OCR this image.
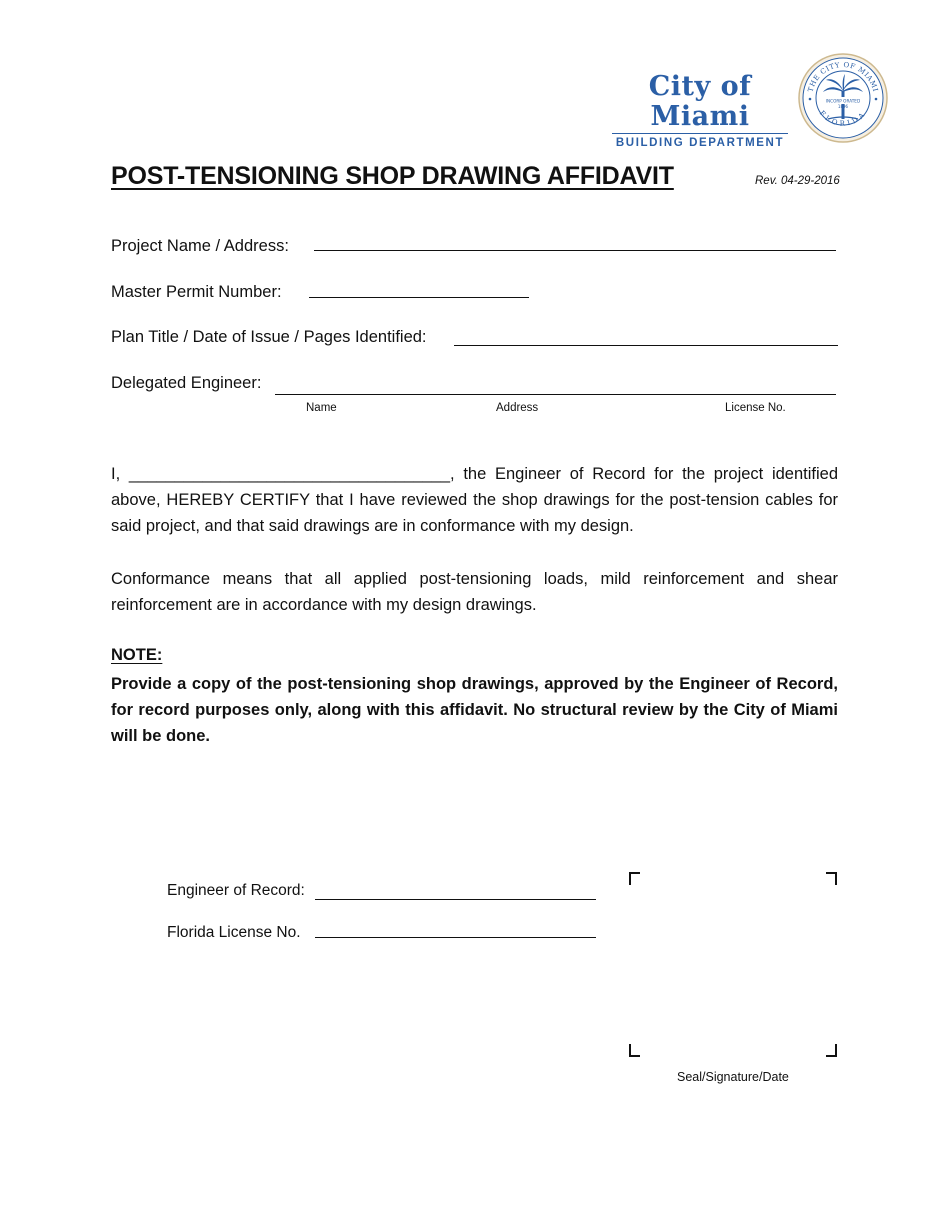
City of Miami
BUILDING DEPARTMENT
THE CITY OF MIAMI
FLORIDA
INCORP ORATED
1896
POST-TENSIONING SHOP DRAWING AFFIDAVIT	Rev. 04-29-2016
Project Name / Address:
Master Permit Number:
Plan Title / Date of Issue / Pages Identified:
Delegated Engineer:
Name	Address	License No.
I, ___________________________________, the Engineer of Record for the project identified above, HEREBY CERTIFY that I have reviewed the shop drawings for the post-tension cables for said project, and that said drawings are in conformance with my design.
Conformance means that all applied post-tensioning loads, mild reinforcement and shear reinforcement are in accordance with my design drawings.
NOTE:
Provide a copy of the post-tensioning shop drawings, approved by the Engineer of Record, for record purposes only, along with this affidavit. No structural review by the City of Miami will be done.
Engineer of Record:
Florida License No.
Seal/Signature/Date
